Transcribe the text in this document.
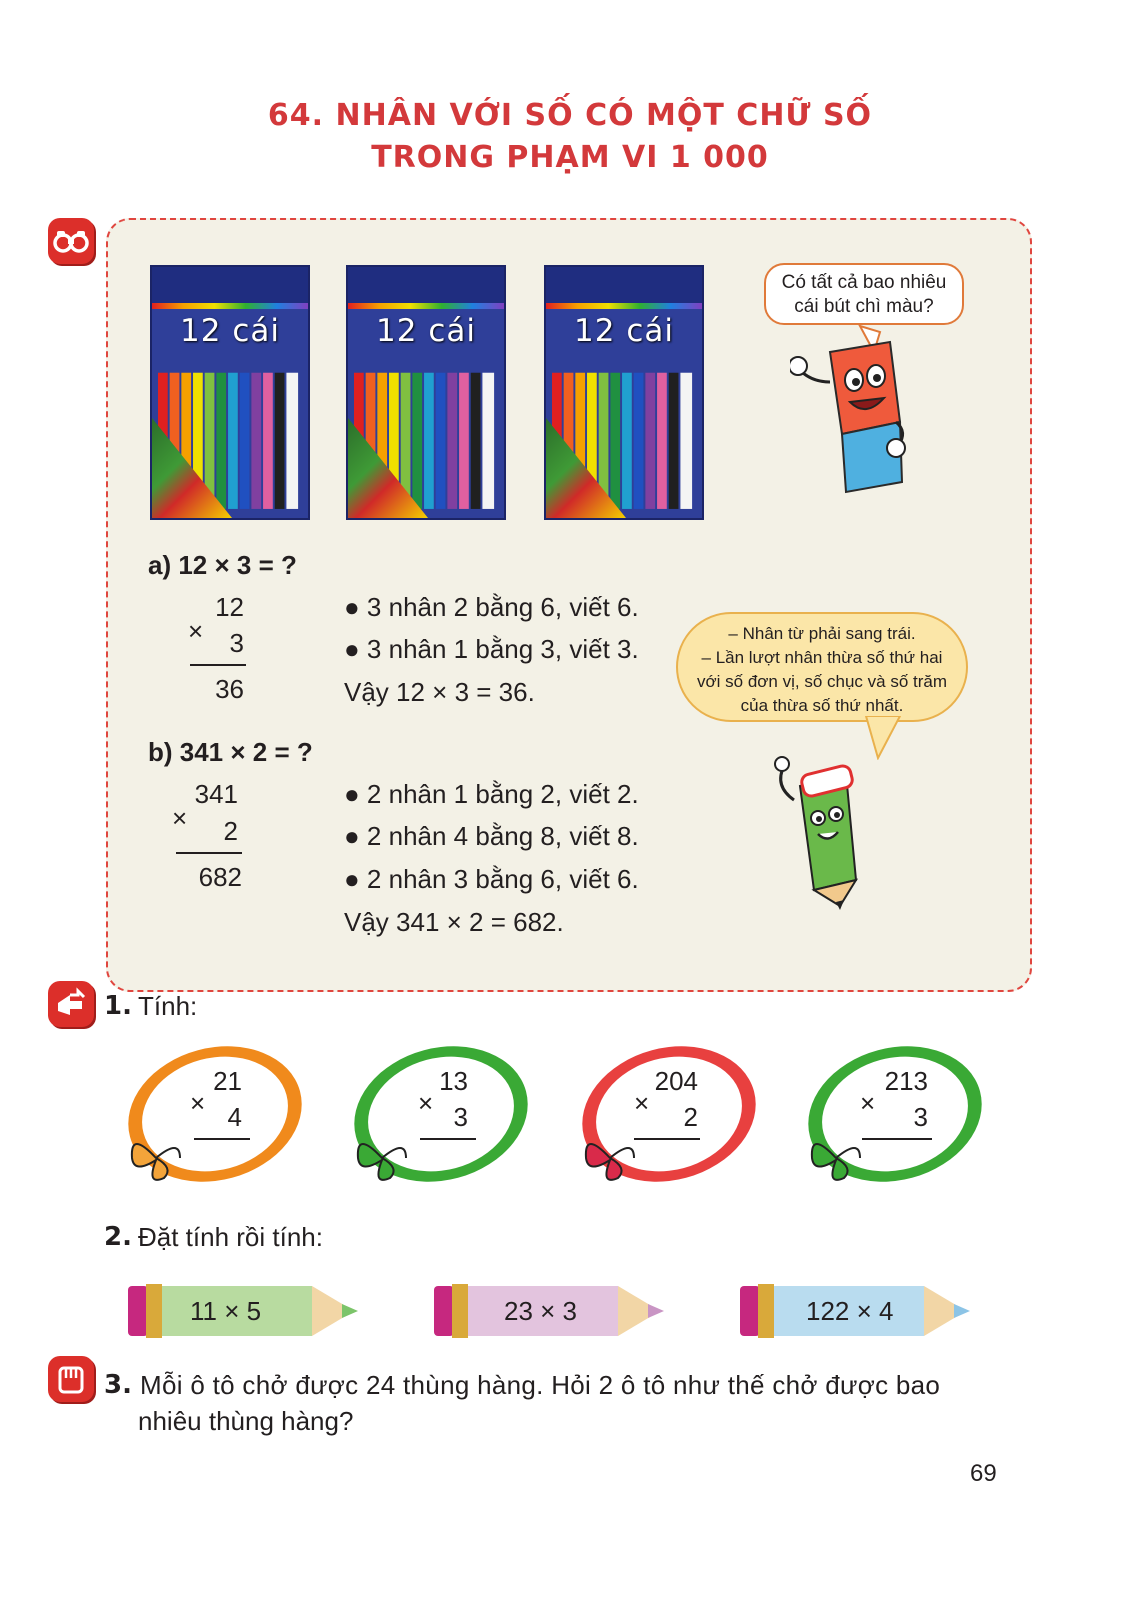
64. NHÂN VỚI SỐ CÓ MỘT CHỮ SỐ
TRONG PHẠM VI 1 000
12 cái	12 cái	12 cái
Có tất cả bao nhiêu
cái bút chì màu?
a) 12 × 3 = ?
12
×	3
36
● 3 nhân 2 bằng 6, viết 6.
● 3 nhân 1 bằng 3, viết 3.
Vậy 12 × 3 = 36.
– Nhân từ phải sang trái.
– Lần lượt nhân thừa số thứ hai
với số đơn vị, số chục và số trăm
của thừa số thứ nhất.
b) 341 × 2 = ?
341
×	2
682
● 2 nhân 1 bằng 2, viết 2.
● 2 nhân 4 bằng 8, viết 8.
● 2 nhân 3 bằng 6, viết 6.
Vậy 341 × 2 = 682.
1. Tính:
21
× 4
13
× 3
204
×	2
213
×	3
2. Đặt tính rồi tính:
11 × 5	23 × 3	122 × 4
3. Mỗi ô tô chở được 24 thùng hàng. Hỏi 2 ô tô như thế chở được bao
nhiêu thùng hàng?
69
